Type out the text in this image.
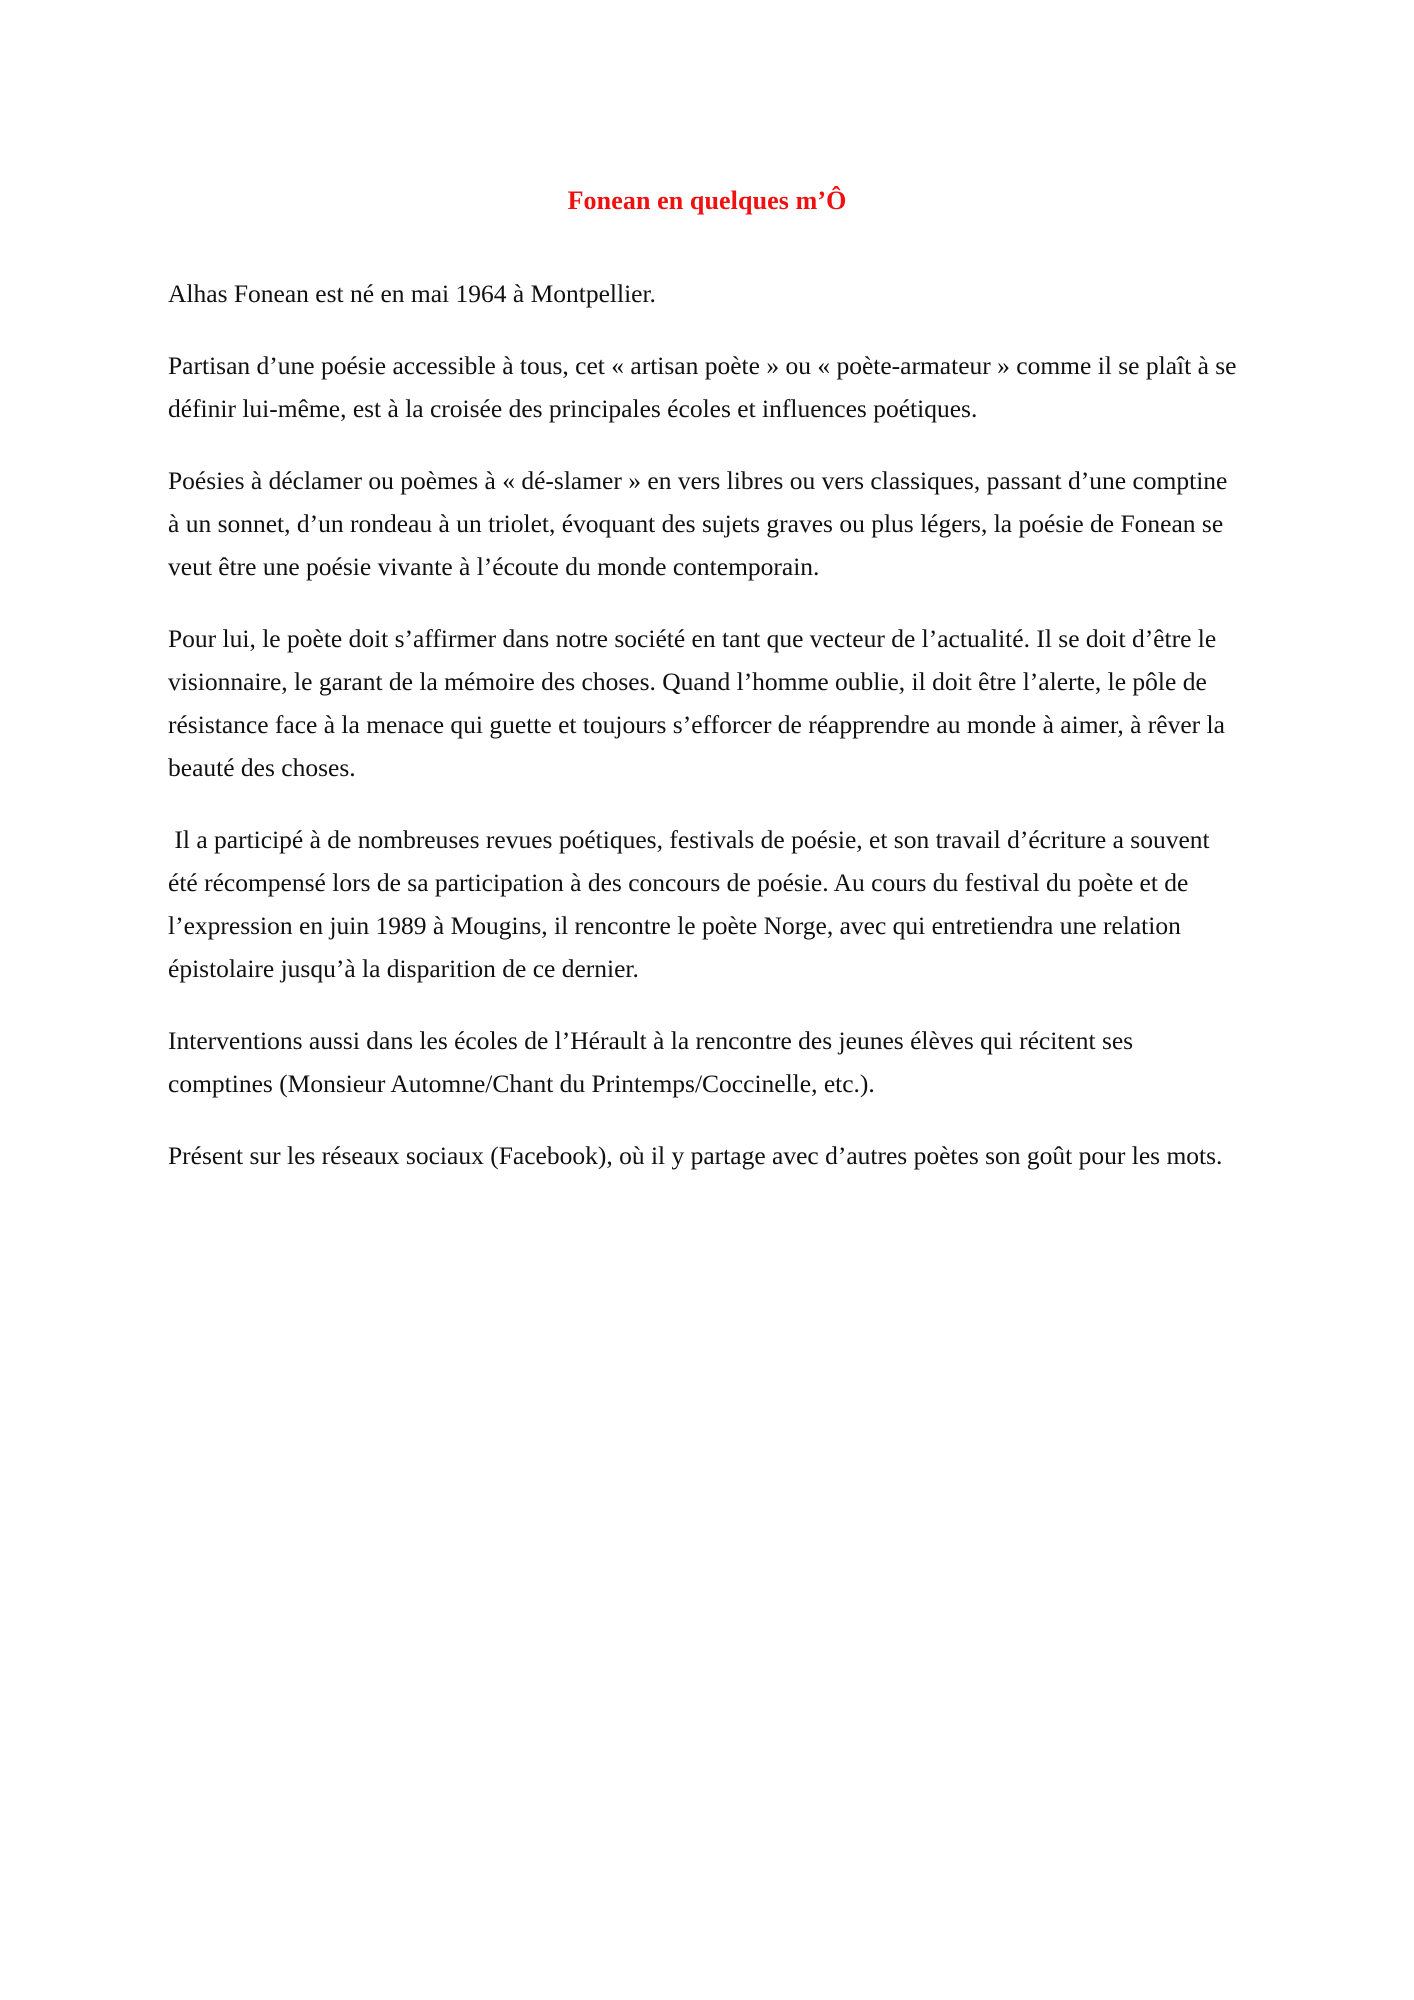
Fonean en quelques m’Ô

Alhas Fonean est né en mai 1964 à Montpellier.

Partisan d’une poésie accessible à tous, cet « artisan poète » ou « poète-armateur » comme il se plaît à se définir lui-même, est à la croisée des principales écoles et influences poétiques.

Poésies à déclamer ou poèmes à « dé-slamer » en vers libres ou vers classiques, passant d’une comptine à un sonnet, d’un rondeau à un triolet, évoquant des sujets graves ou plus légers, la poésie de Fonean se veut être une poésie vivante à l’écoute du monde contemporain.

Pour lui, le poète doit s’affirmer dans notre société en tant que vecteur de l’actualité. Il se doit d’être le visionnaire, le garant de la mémoire des choses. Quand l’homme oublie, il doit être l’alerte, le pôle de résistance face à la menace qui guette et toujours s’efforcer de réapprendre au monde à aimer, à rêver la beauté des choses.

Il a participé à de nombreuses revues poétiques, festivals de poésie, et son travail d’écriture a souvent été récompensé lors de sa participation à des concours de poésie. Au cours du festival du poète et de l’expression en juin 1989 à Mougins, il rencontre le poète Norge, avec qui entretiendra une relation épistolaire jusqu’à la disparition de ce dernier.

Interventions aussi dans les écoles de l’Hérault à la rencontre des jeunes élèves qui récitent ses comptines (Monsieur Automne/Chant du Printemps/Coccinelle, etc.).

Présent sur les réseaux sociaux (Facebook), où il y partage avec d’autres poètes son goût pour les mots.
